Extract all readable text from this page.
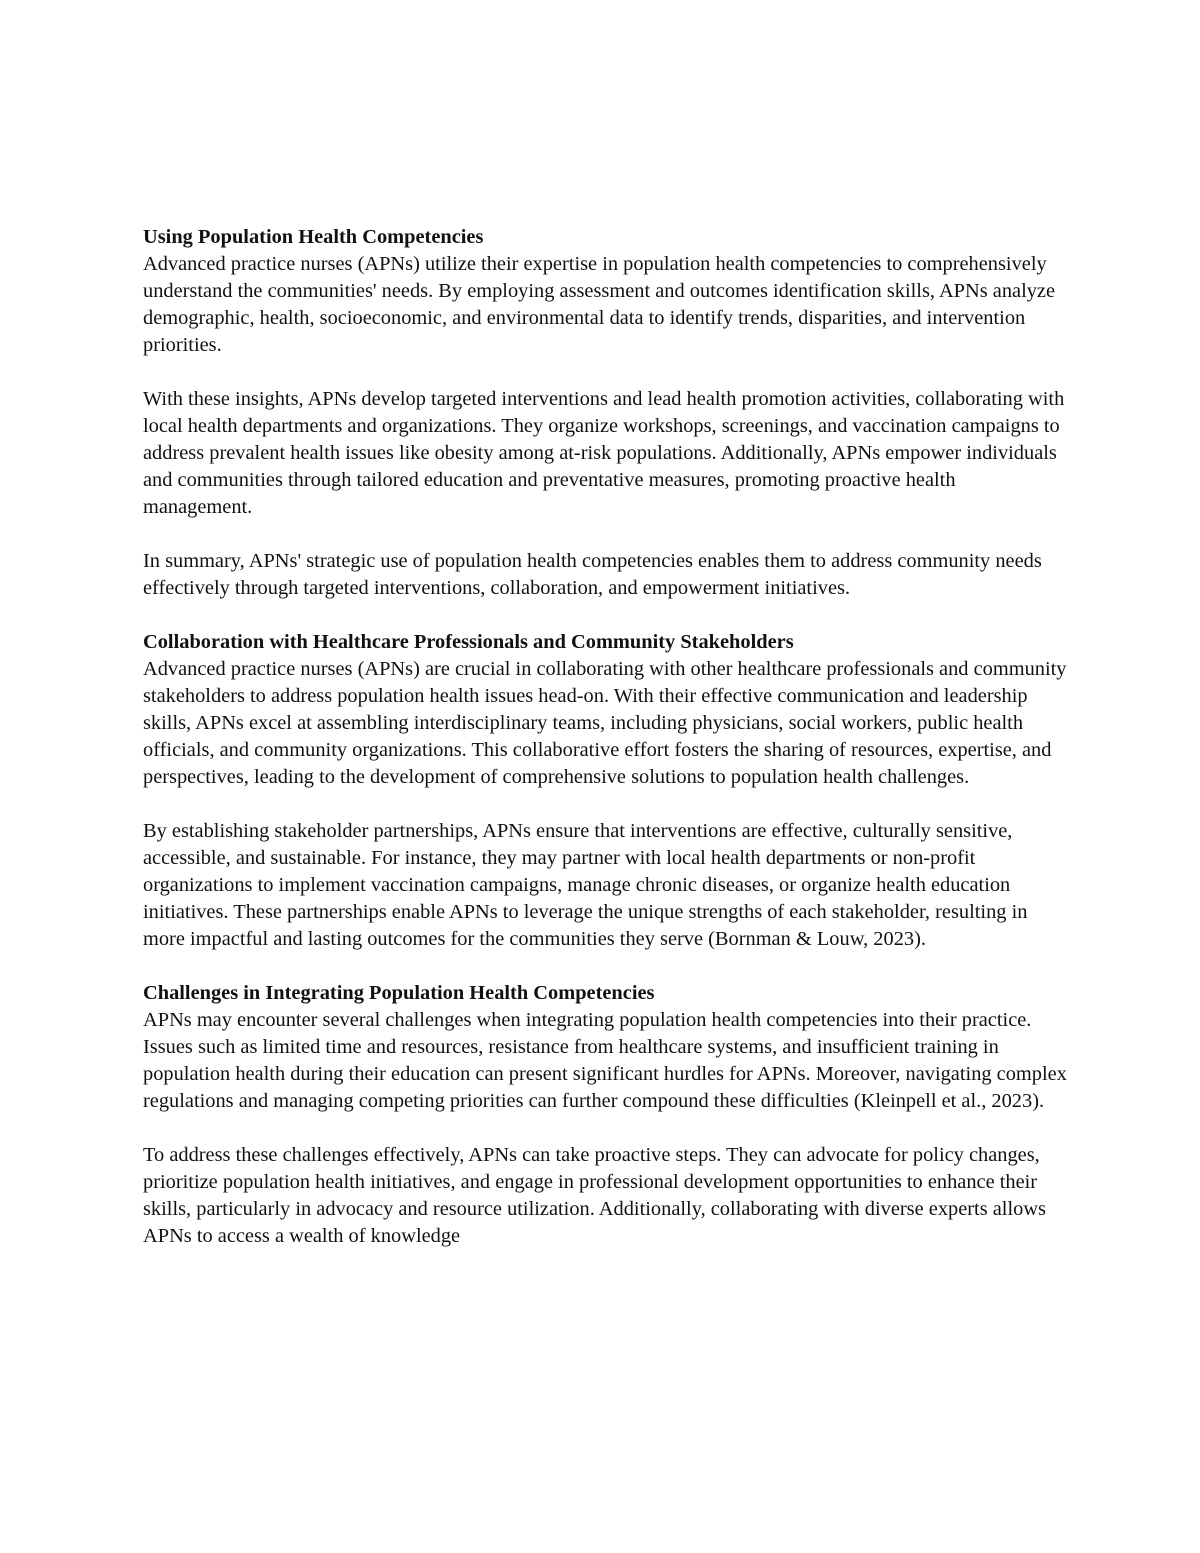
Using Population Health Competencies

Advanced practice nurses (APNs) utilize their expertise in population health competencies to comprehensively understand the communities' needs. By employing assessment and outcomes identification skills, APNs analyze demographic, health, socioeconomic, and environmental data to identify trends, disparities, and intervention priorities.

With these insights, APNs develop targeted interventions and lead health promotion activities, collaborating with local health departments and organizations. They organize workshops, screenings, and vaccination campaigns to address prevalent health issues like obesity among at-risk populations. Additionally, APNs empower individuals and communities through tailored education and preventative measures, promoting proactive health management.

In summary, APNs' strategic use of population health competencies enables them to address community needs effectively through targeted interventions, collaboration, and empowerment initiatives.

Collaboration with Healthcare Professionals and Community Stakeholders

Advanced practice nurses (APNs) are crucial in collaborating with other healthcare professionals and community stakeholders to address population health issues head-on. With their effective communication and leadership skills, APNs excel at assembling interdisciplinary teams, including physicians, social workers, public health officials, and community organizations. This collaborative effort fosters the sharing of resources, expertise, and perspectives, leading to the development of comprehensive solutions to population health challenges.

By establishing stakeholder partnerships, APNs ensure that interventions are effective, culturally sensitive, accessible, and sustainable. For instance, they may partner with local health departments or non-profit organizations to implement vaccination campaigns, manage chronic diseases, or organize health education initiatives. These partnerships enable APNs to leverage the unique strengths of each stakeholder, resulting in more impactful and lasting outcomes for the communities they serve (Bornman & Louw, 2023).

Challenges in Integrating Population Health Competencies

APNs may encounter several challenges when integrating population health competencies into their practice. Issues such as limited time and resources, resistance from healthcare systems, and insufficient training in population health during their education can present significant hurdles for APNs. Moreover, navigating complex regulations and managing competing priorities can further compound these difficulties (Kleinpell et al., 2023).

To address these challenges effectively, APNs can take proactive steps. They can advocate for policy changes, prioritize population health initiatives, and engage in professional development opportunities to enhance their skills, particularly in advocacy and resource utilization. Additionally, collaborating with diverse experts allows APNs to access a wealth of knowledge
